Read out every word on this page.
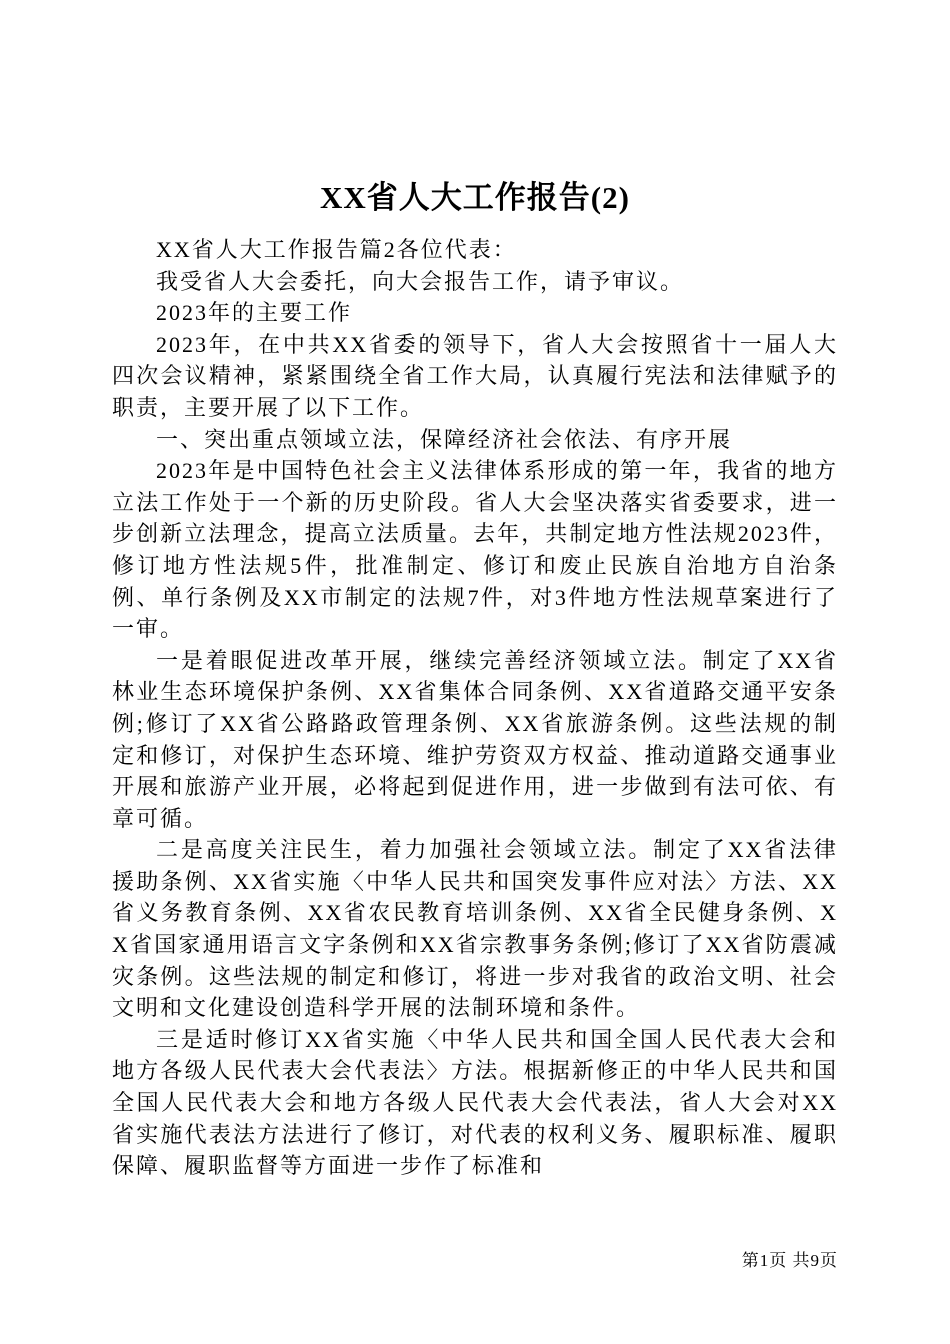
XX省人大工作报告(2)

XX省人大工作报告篇2各位代表：

我受省人大会委托，向大会报告工作，请予审议。

2023年的主要工作

2023年，在中共XX省委的领导下，省人大会按照省十一届人大四次会议精神，紧紧围绕全省工作大局，认真履行宪法和法律赋予的职责，主要开展了以下工作。

一、突出重点领域立法，保障经济社会依法、有序开展

2023年是中国特色社会主义法律体系形成的第一年，我省的地方立法工作处于一个新的历史阶段。省人大会坚决落实省委要求，进一步创新立法理念，提高立法质量。去年，共制定地方性法规2023件，修订地方性法规5件，批准制定、修订和废止民族自治地方自治条例、单行条例及XX市制定的法规7件，对3件地方性法规草案进行了一审。

一是着眼促进改革开展，继续完善经济领域立法。制定了XX省林业生态环境保护条例、XX省集体合同条例、XX省道路交通平安条例;修订了XX省公路路政管理条例、XX省旅游条例。这些法规的制定和修订，对保护生态环境、维护劳资双方权益、推动道路交通事业开展和旅游产业开展，必将起到促进作用，进一步做到有法可依、有章可循。

二是高度关注民生，着力加强社会领域立法。制定了XX省法律援助条例、XX省实施〈中华人民共和国突发事件应对法〉方法、XX省义务教育条例、XX省农民教育培训条例、XX省全民健身条例、XX省国家通用语言文字条例和XX省宗教事务条例;修订了XX省防震减灾条例。这些法规的制定和修订，将进一步对我省的政治文明、社会文明和文化建设创造科学开展的法制环境和条件。

三是适时修订XX省实施〈中华人民共和国全国人民代表大会和地方各级人民代表大会代表法〉方法。根据新修正的中华人民共和国全国人民代表大会和地方各级人民代表大会代表法，省人大会对XX省实施代表法方法进行了修订，对代表的权利义务、履职标准、履职保障、履职监督等方面进一步作了标准和

第1页 共9页
